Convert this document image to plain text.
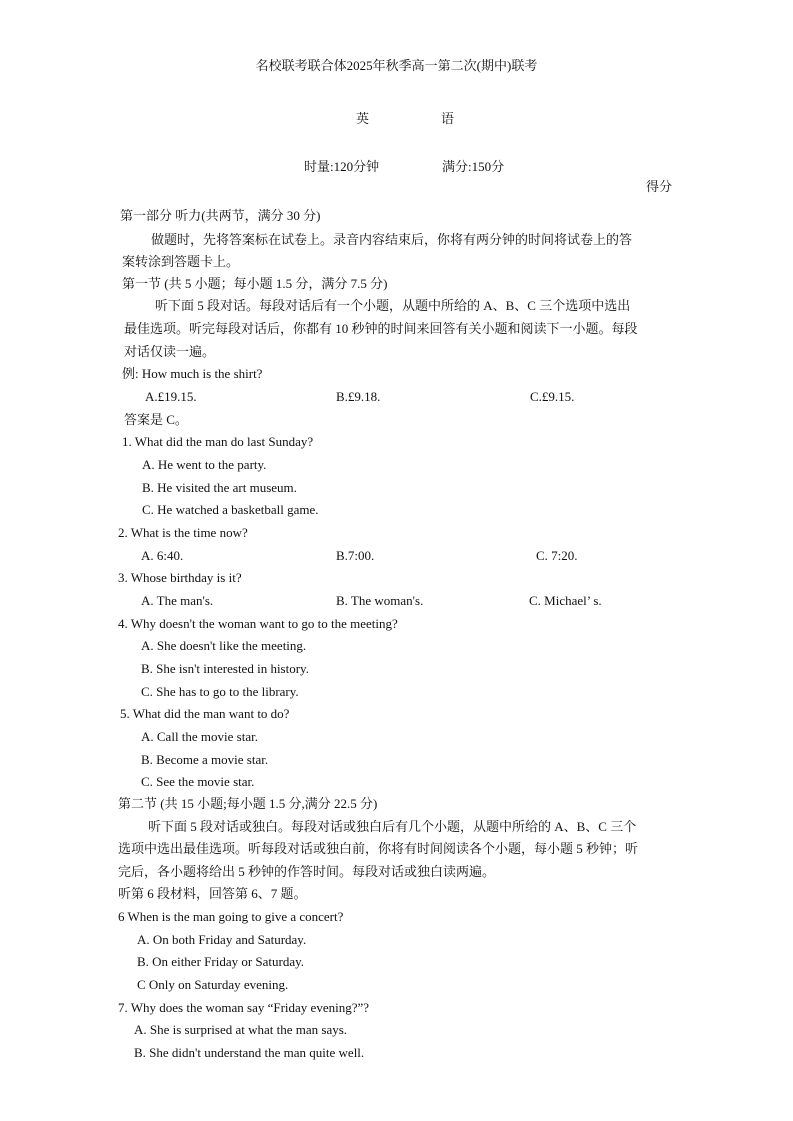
名校联考联合体2025年秋季高一第二次(期中)联考
英	语
时量:120分钟	满分:150分
得分
第一部分 听力(共两节，满分 30 分)
做题时，先将答案标在试卷上。录音内容结束后，你将有两分钟的时间将试卷上的答
案转涂到答题卡上。
第一节 (共 5 小题；每小题 1.5 分，满分 7.5 分)
听下面 5 段对话。每段对话后有一个小题，从题中所给的 A、B、C 三个选项中选出
最佳选项。听完每段对话后，你都有 10 秒钟的时间来回答有关小题和阅读下一小题。每段
对话仅读一遍。
例: How much is the shirt?
A.£19.15.	B.£9.18.	C.£9.15.
答案是 C。
1. What did the man do last Sunday?
A. He went to the party.
B. He visited the art museum.
C. He watched a basketball game.
2. What is the time now?
A. 6:40.	B.7:00.	C. 7:20.
3. Whose birthday is it?
A. The man's.	B. The woman's.	C. Michael’ s.
4. Why doesn't the woman want to go to the meeting?
A. She doesn't like the meeting.
B. She isn't interested in history.
C. She has to go to the library.
5. What did the man want to do?
A. Call the movie star.
B. Become a movie star.
C. See the movie star.
第二节 (共 15 小题;每小题 1.5 分,满分 22.5 分)
听下面 5 段对话或独白。每段对话或独白后有几个小题，从题中所给的 A、B、C 三个
选项中选出最佳选项。听每段对话或独白前，你将有时间阅读各个小题，每小题 5 秒钟；听
完后，各小题将给出 5 秒钟的作答时间。每段对话或独白读两遍。
听第 6 段材料，回答第 6、7 题。
6 When is the man going to give a concert?
A. On both Friday and Saturday.
B. On either Friday or Saturday.
C Only on Saturday evening.
7. Why does the woman say “Friday evening?”?
A. She is surprised at what the man says.
B. She didn't understand the man quite well.
